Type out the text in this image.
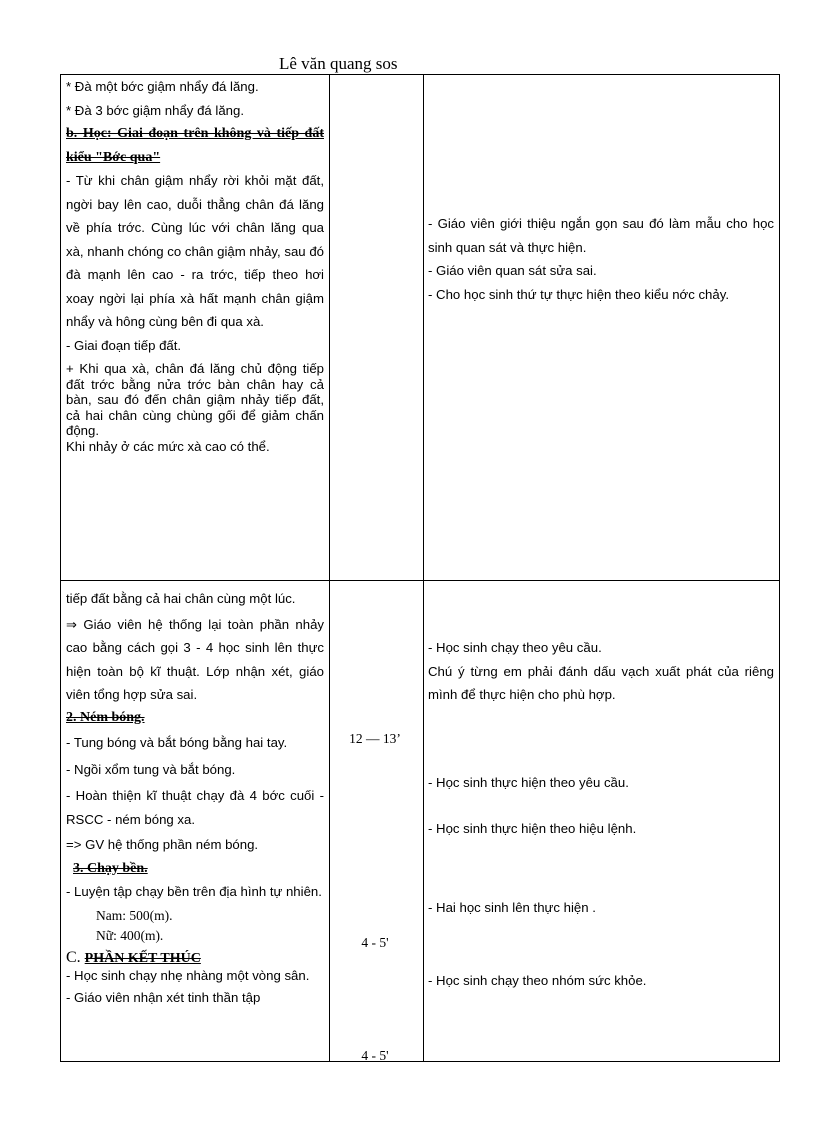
Lê văn quang sos

* Đà một bớc giậm nhẩy đá lăng.

* Đà 3 bớc giậm nhẩy đá lăng.

b. Học: Giai đoạn trên không và tiếp đất kiểu "Bớc qua"

- Từ khi chân giậm nhẩy rời khỏi mặt đất, ngời bay lên cao, duỗi thẳng chân đá lăng về phía trớc. Cùng lúc với chân lăng qua xà, nhanh chóng co chân giậm nhảy, sau đó đà mạnh lên cao - ra trớc, tiếp theo hơi xoay ngời lại phía xà hất mạnh chân giậm nhẩy và hông cùng bên đi qua xà.

- Giai đoạn tiếp đất.

+ Khi qua xà, chân đá lăng chủ động tiếp đất trớc bằng nửa trớc bàn chân hay cả bàn, sau đó đến chân giậm nhảy tiếp đất, cả hai chân cùng chùng gối để giảm chấn động.

Khi nhảy ở các mức xà cao có thể.

- Giáo viên giới thiệu ngắn gọn sau đó làm mẫu cho học sinh quan sát và thực hiện.

- Giáo viên quan sát sửa sai.

- Cho học sinh thứ tự thực hiện theo kiểu nớc chảy.

tiếp đất bằng cả hai chân cùng một lúc.

⇒ Giáo viên hệ thống lại toàn phần nhảy cao bằng cách gọi 3 - 4 học sinh lên thực hiện toàn bộ kĩ thuật. Lớp nhận xét, giáo viên tổng hợp sửa sai.

2. Ném bóng.

- Tung bóng và bắt bóng bằng hai tay.

- Ngồi xổm tung và bắt bóng.

- Hoàn thiện kĩ thuật chạy đà 4 bớc cuối - RSCC - ném bóng xa.

=> GV hệ thống phần ném bóng.

3. Chạy bền.

- Luyện tập chạy bền trên địa hình tự nhiên.

Nam: 500(m).

Nữ: 400(m).

C. PHẦN KẾT THÚC

- Học sinh chạy nhẹ nhàng một vòng sân.

- Giáo viên nhận xét tinh thần tập

12 — 13’
4 - 5'
4 - 5'

- Học sinh chạy theo yêu cầu.

Chú ý từng em phải đánh dấu vạch xuất phát của riêng mình để thực hiện cho phù hợp.

- Học sinh thực hiện theo yêu cầu.
- Học sinh thực hiện theo hiệu lệnh.
- Hai học sinh lên thực hiện .
- Học sinh chạy theo nhóm sức khỏe.
